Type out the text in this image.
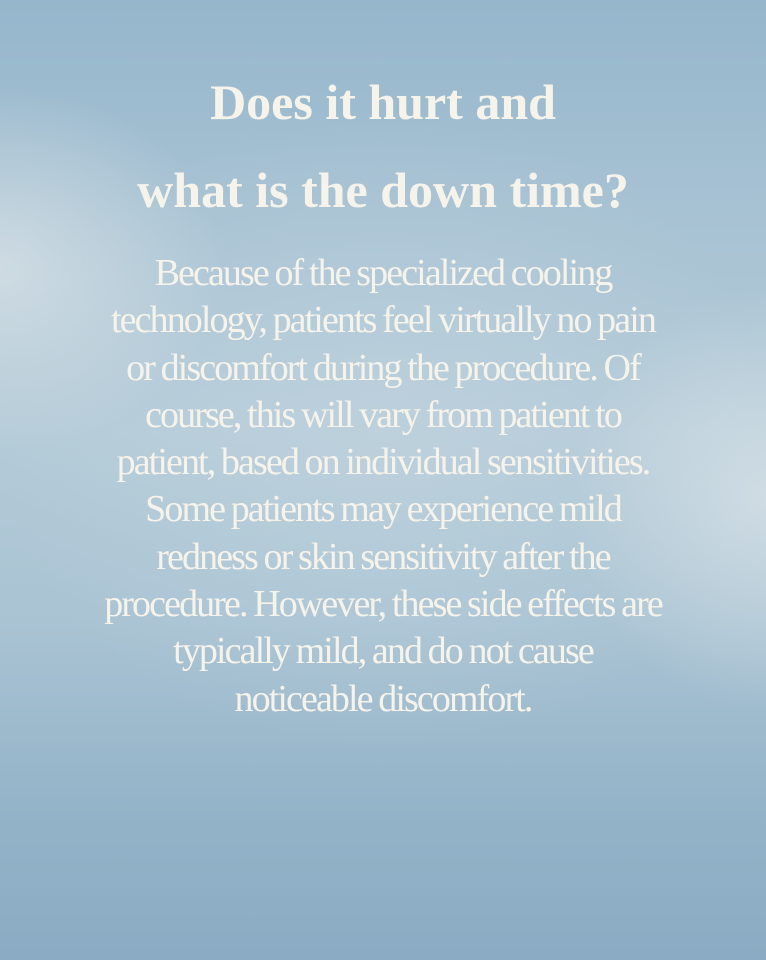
Does it hurt and
what is the down time?

Because of the specialized cooling
technology, patients feel virtually no pain
or discomfort during the procedure. Of
course, this will vary from patient to
patient, based on individual sensitivities.
Some patients may experience mild
redness or skin sensitivity after the
procedure. However, these side effects are
typically mild, and do not cause
noticeable discomfort.
